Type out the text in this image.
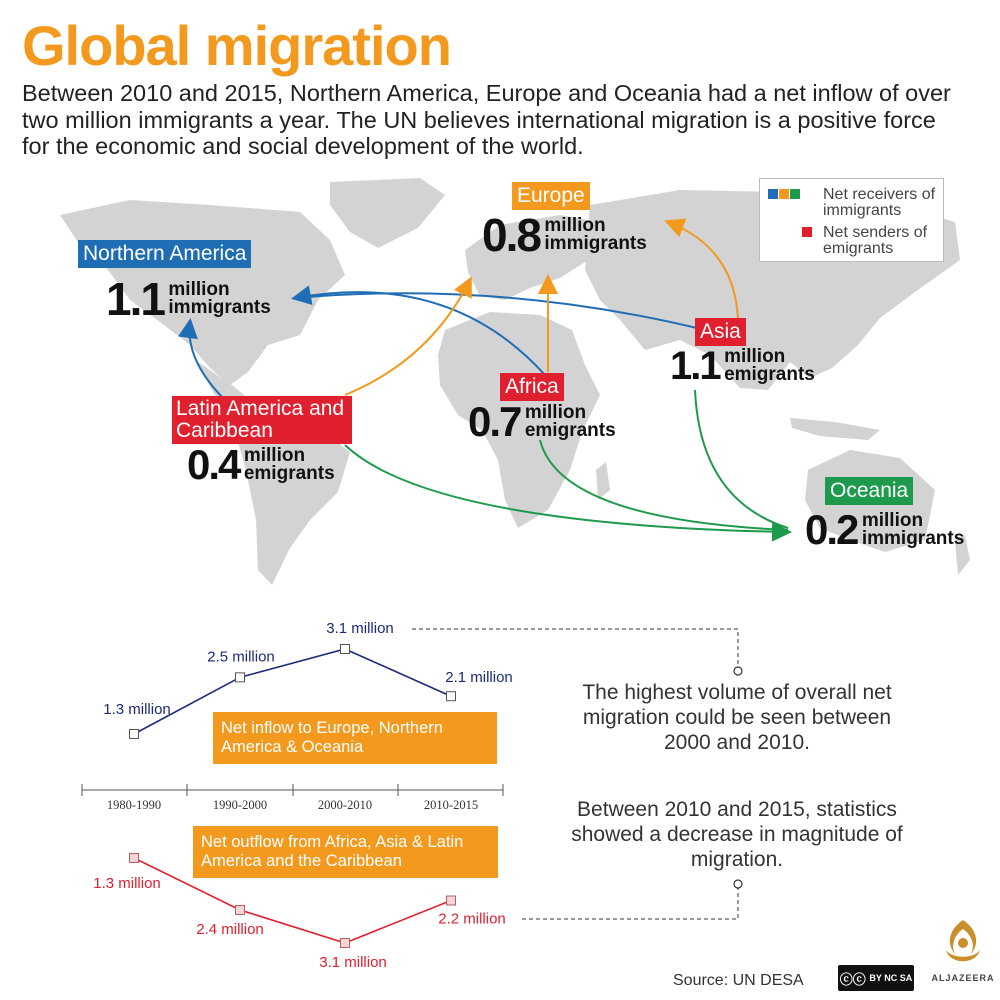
Global migration

Between 2010 and 2015, Northern America, Europe and Oceania had a net inflow of over two million immigrants a year. The UN believes international migration is a positive force for the economic and social development of the world.

Net receivers of immigrants
Net senders of emigrants
Northern America
1.1 million
immigrants
Europe
0.8 million
immigrants
Asia
1.1 million
emigrants
Africa
0.7 million
emigrants
Latin America and Caribbean
0.4 million
emigrants
Oceania
0.2 million
immigrants
1980-1990	1990-2000	2000-2010	2010-2015
1.3 million
2.5 million
3.1 million
2.1 million
1.3 million
2.4 million
3.1 million
2.2 million
Net inflow to Europe, Northern America & Oceania
Net outflow from Africa, Asia & Latin America and the Caribbean
The highest volume of overall net migration could be seen between 2000 and 2010.
Between 2010 and 2015, statistics showed a decrease in magnitude of migration.
Source: UN DESA	ⓒⓒ BY NC SA	ALJAZEERA
